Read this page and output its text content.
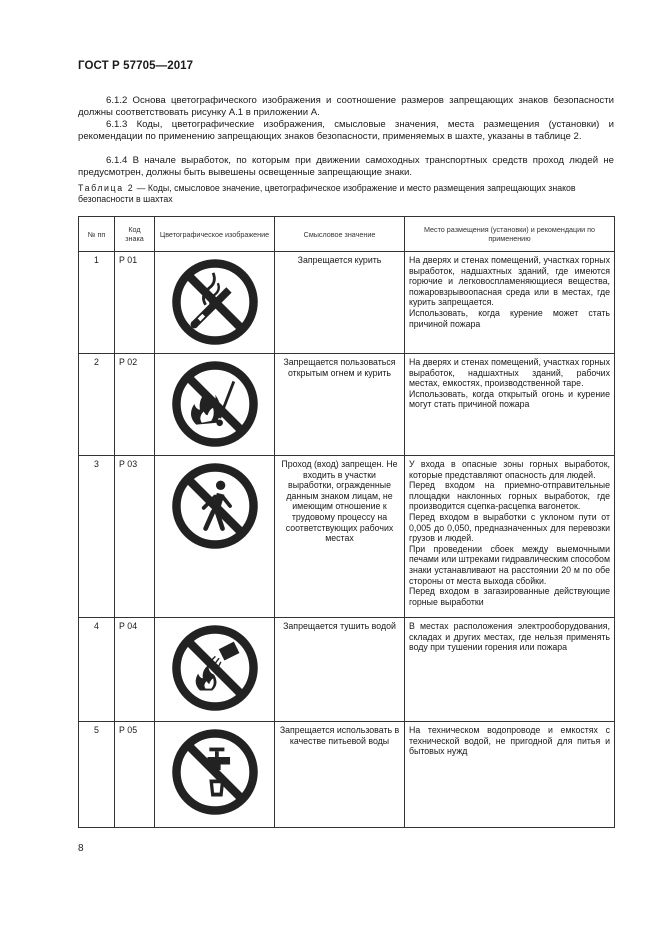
ГОСТ Р 57705—2017
6.1.2 Основа цветографического изображения и соотношение размеров запрещающих знаков безопасности должны соответствовать рисунку А.1 в приложении А.
6.1.3 Коды, цветографические изображения, смысловые значения, места размещения (установки) и рекомендации по применению запрещающих знаков безопасности, применяемых в шахте, указаны в таблице 2.
6.1.4 В начале выработок, по которым при движении самоходных транспортных средств проход людей не предусмотрен, должны быть вывешены освещенные запрещающие знаки.
Таблица 2 — Коды, смысловое значение, цветографическое изображение и место размещения запрещающих знаков безопасности в шахтах
№ пп	Код знака	Цветографическое изображение	Смысловое значение	Место размещения (установки) и рекомендации по применению
1	Р 01		Запрещается курить	На дверях и стенах помещений, участках горных выработок, надшахтных зданий, где имеются горючие и легковоспламеняющиеся вещества, пожаровзрывоопасная среда или в местах, где курить запрещается.
Использовать, когда курение может стать причиной пожара
2	Р 02		Запрещается пользоваться открытым огнем и курить	На дверях и стенах помещений, участках горных выработок, надшахтных зданий, рабочих местах, емкостях, производственной таре.
Использовать, когда открытый огонь и курение могут стать причиной пожара
3	Р 03		Проход (вход) запрещен. Не входить в участки выработки, огражденные данным знаком лицам, не имеющим отношение к трудовому процессу на соответствующих рабочих местах	У входа в опасные зоны горных выработок, которые представляют опасность для людей.
Перед входом на приемно-отправительные площадки наклонных горных выработок, где производится сцепка-расцепка вагонеток.
Перед входом в выработки с уклоном пути от 0,005 до 0,050, предназначенных для перевозки грузов и людей.
При проведении сбоек между выемочными печами или штреками гидравлическим способом знаки устанавливают на расстоянии 20 м по обе стороны от места выхода сбойки.
Перед входом в загазированные действующие горные выработки
4	Р 04		Запрещается тушить водой	В местах расположения электрооборудования, складах и других местах, где нельзя применять воду при тушении горения или пожара
5	Р 05		Запрещается использовать в качестве питьевой воды	На техническом водопроводе и емкостях с технической водой, не пригодной для питья и бытовых нужд
8
